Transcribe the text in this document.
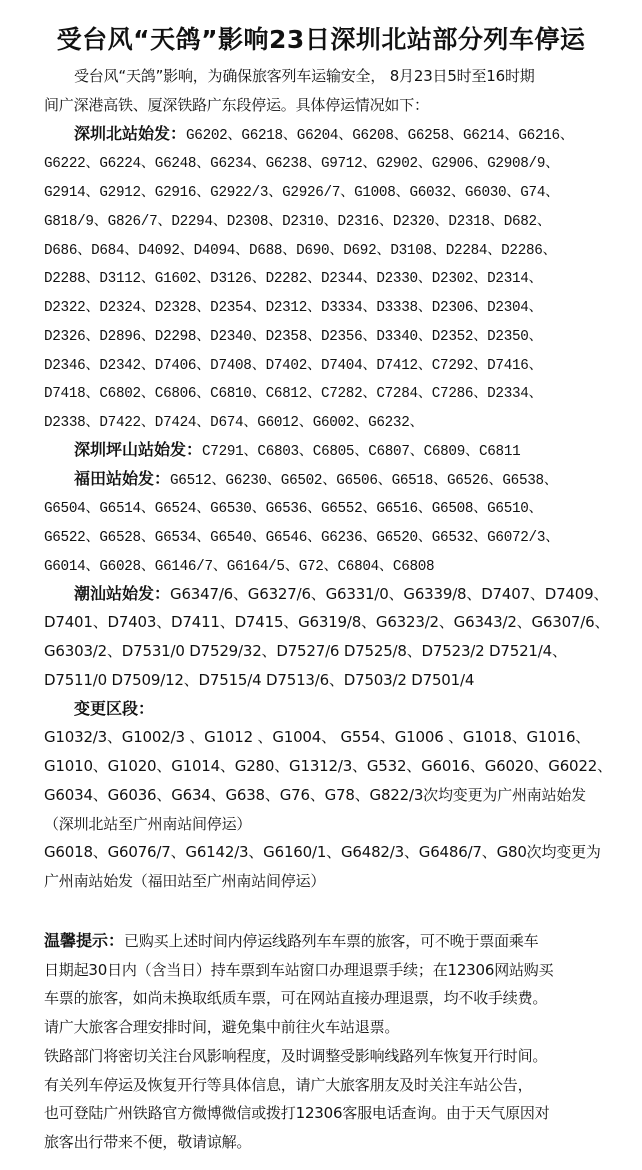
受台风“天鸽”影响23日深圳北站部分列车停运
受台风“天鸽”影响，为确保旅客列车运输安全， 8月23日5时至16时期
间广深港高铁、厦深铁路广东段停运。具体停运情况如下：
深圳北站始发：G6202、G6218、G6204、G6208、G6258、G6214、G6216、
G6222、G6224、G6248、G6234、G6238、G9712、G2902、G2906、G2908/9、
G2914、G2912、G2916、G2922/3、G2926/7、G1008、G6032、G6030、G74、
G818/9、G826/7、D2294、D2308、D2310、D2316、D2320、D2318、D682、
D686、D684、D4092、D4094、D688、D690、D692、D3108、D2284、D2286、
D2288、D3112、G1602、D3126、D2282、D2344、D2330、D2302、D2314、
D2322、D2324、D2328、D2354、D2312、D3334、D3338、D2306、D2304、
D2326、D2896、D2298、D2340、D2358、D2356、D3340、D2352、D2350、
D2346、D2342、D7406、D7408、D7402、D7404、D7412、C7292、D7416、
D7418、C6802、C6806、C6810、C6812、C7282、C7284、C7286、D2334、
D2338、D7422、D7424、D674、G6012、G6002、G6232、
深圳坪山站始发：C7291、C6803、C6805、C6807、C6809、C6811
福田站始发：G6512、G6230、G6502、G6506、G6518、G6526、G6538、
G6504、G6514、G6524、G6530、G6536、G6552、G6516、G6508、G6510、
G6522、G6528、G6534、G6540、G6546、G6236、G6520、G6532、G6072/3、
G6014、G6028、G6146/7、G6164/5、G72、C6804、C6808
潮汕站始发：G6347/6、G6327/6、G6331/0、G6339/8、D7407、D7409、
D7401、D7403、D7411、D7415、G6319/8、G6323/2、G6343/2、G6307/6、
G6303/2、D7531/0 D7529/32、D7527/6 D7525/8、D7523/2 D7521/4、
D7511/0 D7509/12、D7515/4 D7513/6、D7503/2 D7501/4
变更区段：
G1032/3、G1002/3 、G1012 、G1004、 G554、G1006 、G1018、G1016、
G1010、G1020、G1014、G280、G1312/3、G532、G6016、G6020、G6022、
G6034、G6036、G634、G638、G76、G78、G822/3次均变更为广州南站始发
（深圳北站至广州南站间停运）
G6018、G6076/7、G6142/3、G6160/1、G6482/3、G6486/7、G80次均变更为
广州南站始发（福田站至广州南站间停运）
温馨提示：已购买上述时间内停运线路列车车票的旅客，可不晚于票面乘车
日期起30日内（含当日）持车票到车站窗口办理退票手续；在12306网站购买
车票的旅客，如尚未换取纸质车票，可在网站直接办理退票，均不收手续费。
请广大旅客合理安排时间，避免集中前往火车站退票。
铁路部门将密切关注台风影响程度，及时调整受影响线路列车恢复开行时间。
有关列车停运及恢复开行等具体信息，请广大旅客朋友及时关注车站公告，
也可登陆广州铁路官方微博微信或拨打12306客服电话查询。由于天气原因对
旅客出行带来不便，敬请谅解。
